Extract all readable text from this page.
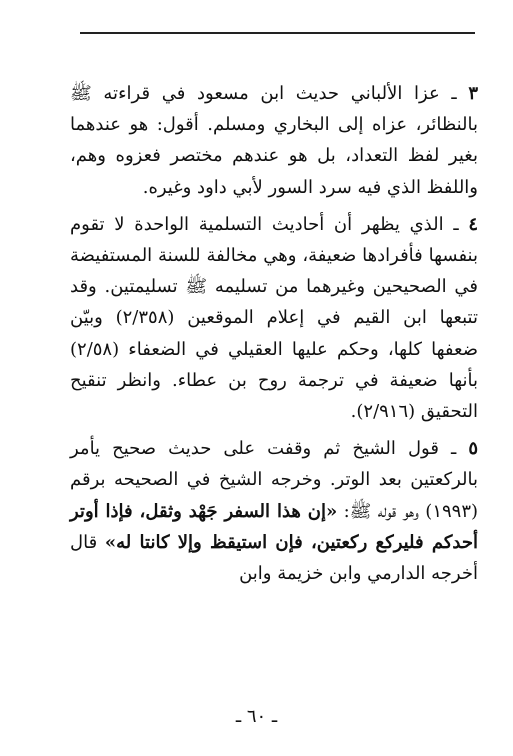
٣ ـ عزا الألباني حديث ابن مسعود في قراءته ﷺ بالنظائر، عزاه إلى البخاري ومسلم. أقول: هو عندهما بغير لفظ التعداد، بل هو عندهم مختصر فعزوه وهم، واللفظ الذي فيه سرد السور لأبي داود وغيره.

٤ ـ الذي يظهر أن أحاديث التسلمية الواحدة لا تقوم بنفسها فأفرادها ضعيفة، وهي مخالفة للسنة المستفيضة في الصحيحين وغيرهما من تسليمه ﷺ تسليمتين. وقد تتبعها ابن القيم في إعلام الموقعين (٢/٣٥٨) وبيّن ضعفها كلها، وحكم عليها العقيلي في الضعفاء (٢/٥٨) بأنها ضعيفة في ترجمة روح بن عطاء. وانظر تنقيح التحقيق (٢/٩١٦).

٥ ـ قول الشيخ ثم وقفت على حديث صحيح يأمر بالركعتين بعد الوتر. وخرجه الشيخ في الصحيحه برقم (١٩٩٣) وهو قوله ﷺ: «إن هذا السفر جَهْد وثقل، فإذا أوتر أحدكم فليركع ركعتين، فإن استيقظ وإلا كانتا له» قال أخرجه الدارمي وابن خزيمة وابن

ـ ٦٠ ـ
